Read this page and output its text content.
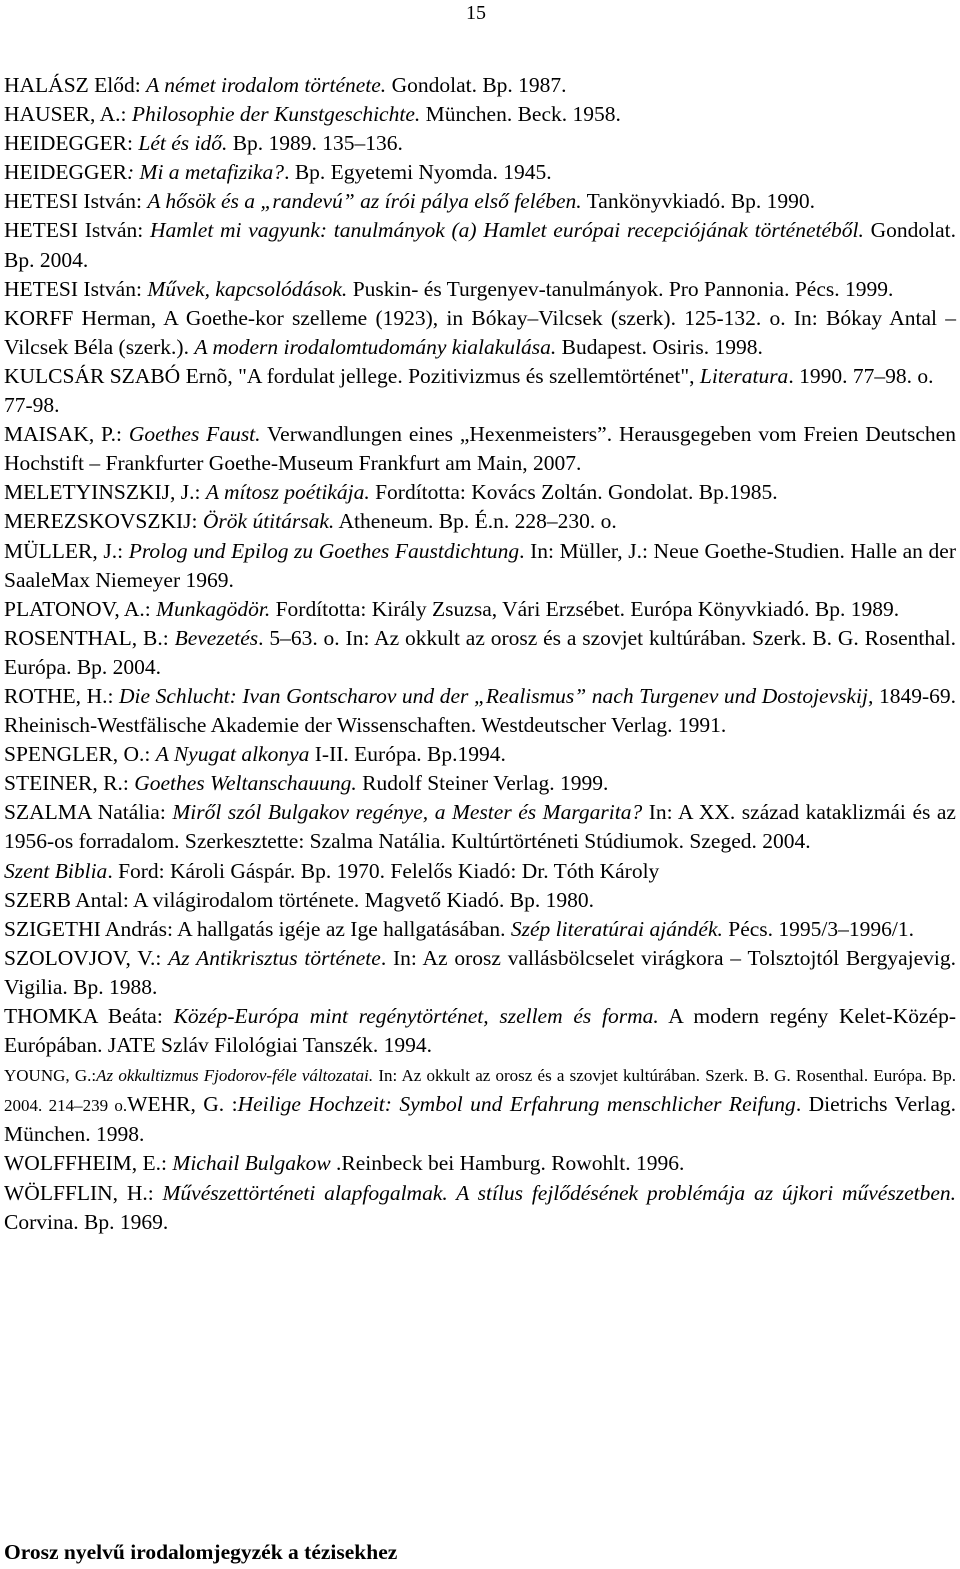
15

HALÁSZ Előd: A német irodalom története. Gondolat. Bp. 1987.

HAUSER, A.: Philosophie der Kunstgeschichte. München. Beck. 1958.

HEIDEGGER: Lét és idő. Bp. 1989. 135–136.

HEIDEGGER: Mi a metafizika?. Bp. Egyetemi Nyomda. 1945.

HETESI István: A hősök és a „randevú” az írói pálya első felében. Tankönyvkiadó. Bp. 1990.

HETESI István: Hamlet mi vagyunk: tanulmányok (a) Hamlet európai recepciójának történetéből. Gondolat. Bp. 2004.

HETESI István: Művek, kapcsolódások. Puskin- és Turgenyev-tanulmányok. Pro Pannonia. Pécs. 1999.

KORFF Herman, A Goethe-kor szelleme (1923), in Bókay–Vilcsek (szerk). 125-132. o. In: Bókay Antal – Vilcsek Béla (szerk.). A modern irodalomtudomány kialakulása. Budapest. Osiris. 1998.

KULCSÁR SZABÓ Ernõ, "A fordulat jellege. Pozitivizmus és szellemtörténet", Literatura. 1990. 77–98. o.

77-98.

MAISAK, P.: Goethes Faust. Verwandlungen eines „Hexenmeisters”. Herausgegeben vom Freien Deutschen Hochstift – Frankfurter Goethe-Museum Frankfurt am Main, 2007.

MELETYINSZKIJ, J.: A mítosz poétikája. Fordította: Kovács Zoltán. Gondolat. Bp.1985.

MEREZSKOVSZKIJ: Örök útitársak. Atheneum. Bp. É.n. 228–230. o.

MÜLLER, J.: Prolog und Epilog zu Goethes Faustdichtung. In: Müller, J.: Neue Goethe-Studien. Halle an der SaaleMax Niemeyer 1969.

PLATONOV, A.: Munkagödör. Fordította: Király Zsuzsa, Vári Erzsébet. Európa Könyvkiadó. Bp. 1989.

ROSENTHAL, B.: Bevezetés. 5–63. o. In: Az okkult az orosz és a szovjet kultúrában. Szerk. B. G. Rosenthal. Európa. Bp. 2004.

ROTHE, H.: Die Schlucht: Ivan Gontscharov und der „Realismus” nach Turgenev und Dostojevskij, 1849-69. Rheinisch-Westfälische Akademie der Wissenschaften. Westdeutscher Verlag. 1991.

SPENGLER, O.: A Nyugat alkonya I-II. Európa. Bp.1994.

STEINER, R.: Goethes Weltanschauung. Rudolf Steiner Verlag. 1999.

SZALMA Natália: Miről szól Bulgakov regénye, a Mester és Margarita? In: A XX. század kataklizmái és az 1956-os forradalom. Szerkesztette: Szalma Natália. Kultúrtörténeti Stúdiumok. Szeged. 2004.

Szent Biblia. Ford: Károli Gáspár. Bp. 1970. Felelős Kiadó: Dr. Tóth Károly

SZERB Antal: A világirodalom története. Magvető Kiadó. Bp. 1980.

SZIGETHI András: A hallgatás igéje az Ige hallgatásában. Szép literatúrai ajándék. Pécs. 1995/3–1996/1.

SZOLOVJOV, V.: Az Antikrisztus története. In: Az orosz vallásbölcselet virágkora – Tolsztojtól Bergyajevig. Vigilia. Bp. 1988.

THOMKA Beáta: Közép-Európa mint regénytörténet, szellem és forma. A modern regény Kelet-Közép-Európában. JATE Szláv Filológiai Tanszék. 1994.

YOUNG, G.:Az okkultizmus Fjodorov-féle változatai. In: Az okkult az orosz és a szovjet kultúrában. Szerk. B. G. Rosenthal. Európa. Bp. 2004. 214–239 o.WEHR, G. :Heilige Hochzeit: Symbol und Erfahrung menschlicher Reifung. Dietrichs Verlag. München. 1998.

WOLFFHEIM, E.: Michail Bulgakow .Reinbeck bei Hamburg. Rowohlt. 1996.

WÖLFFLIN, H.: Művészettörténeti alapfogalmak. A stílus fejlődésének problémája az újkori művészetben. Corvina. Bp. 1969.

Orosz nyelvű irodalomjegyzék a tézisekhez
